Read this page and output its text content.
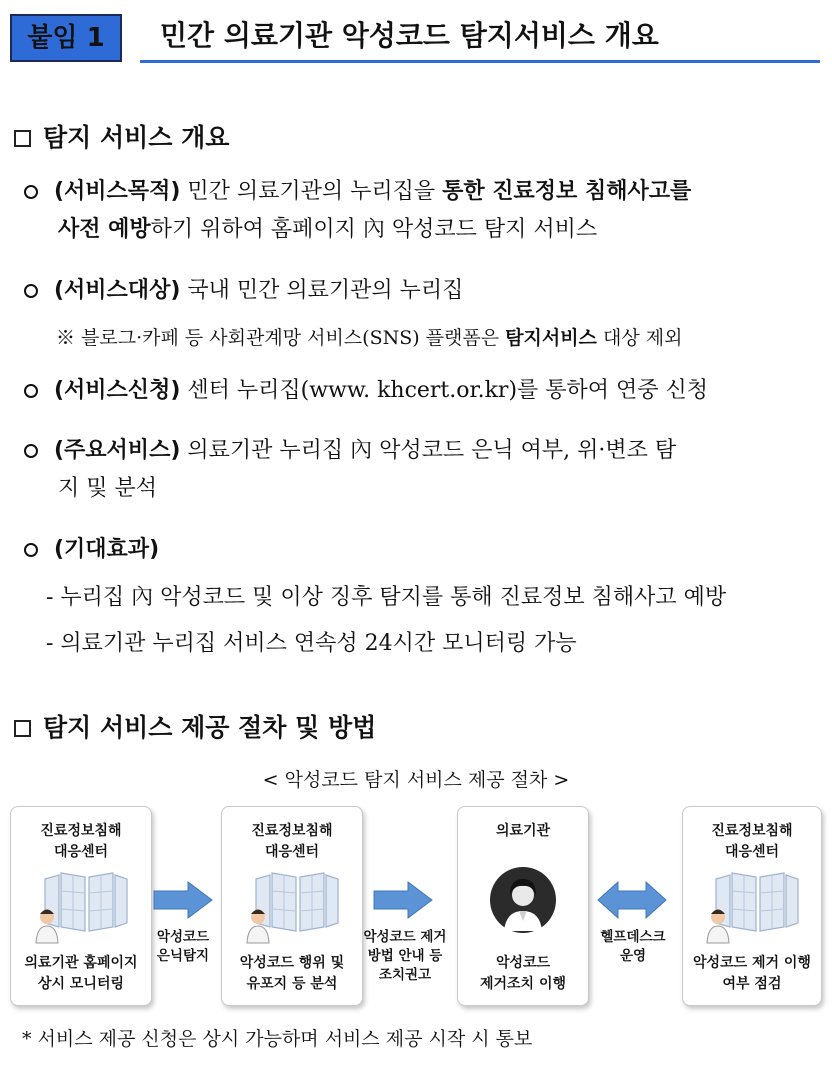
붙임 1	민간 의료기관 악성코드 탐지서비스 개요
탐지 서비스 개요
(서비스목적) 민간 의료기관의 누리집을 통한 진료정보 침해사고를
사전 예방하기 위하여 홈페이지 內 악성코드 탐지 서비스
(서비스대상) 국내 민간 의료기관의 누리집
※ 블로그·카페 등 사회관계망 서비스(SNS) 플랫폼은 탐지서비스 대상 제외
(서비스신청) 센터 누리집(www. khcert.or.kr)를 통하여 연중 신청
(주요서비스) 의료기관 누리집 內 악성코드 은닉 여부, 위·변조 탐
지 및 분석
(기대효과)
- 누리집 內 악성코드 및 이상 징후 탐지를 통해 진료정보 침해사고 예방
- 의료기관 누리집 서비스 연속성 24시간 모니터링 가능
탐지 서비스 제공 절차 및 방법
< 악성코드 탐지 서비스 제공 절차 >
진료정보침해
대응센터
의료기관 홈페이지
상시 모니터링
진료정보침해
대응센터
악성코드 행위 및
유포지 등 분석
의료기관
악성코드
제거조치 이행
진료정보침해
대응센터
악성코드 제거 이행
여부 점검
악성코드
은닉탐지
악성코드 제거
방법 안내 등
조치권고
헬프데스크
운영
* 서비스 제공 신청은 상시 가능하며 서비스 제공 시작 시 통보
